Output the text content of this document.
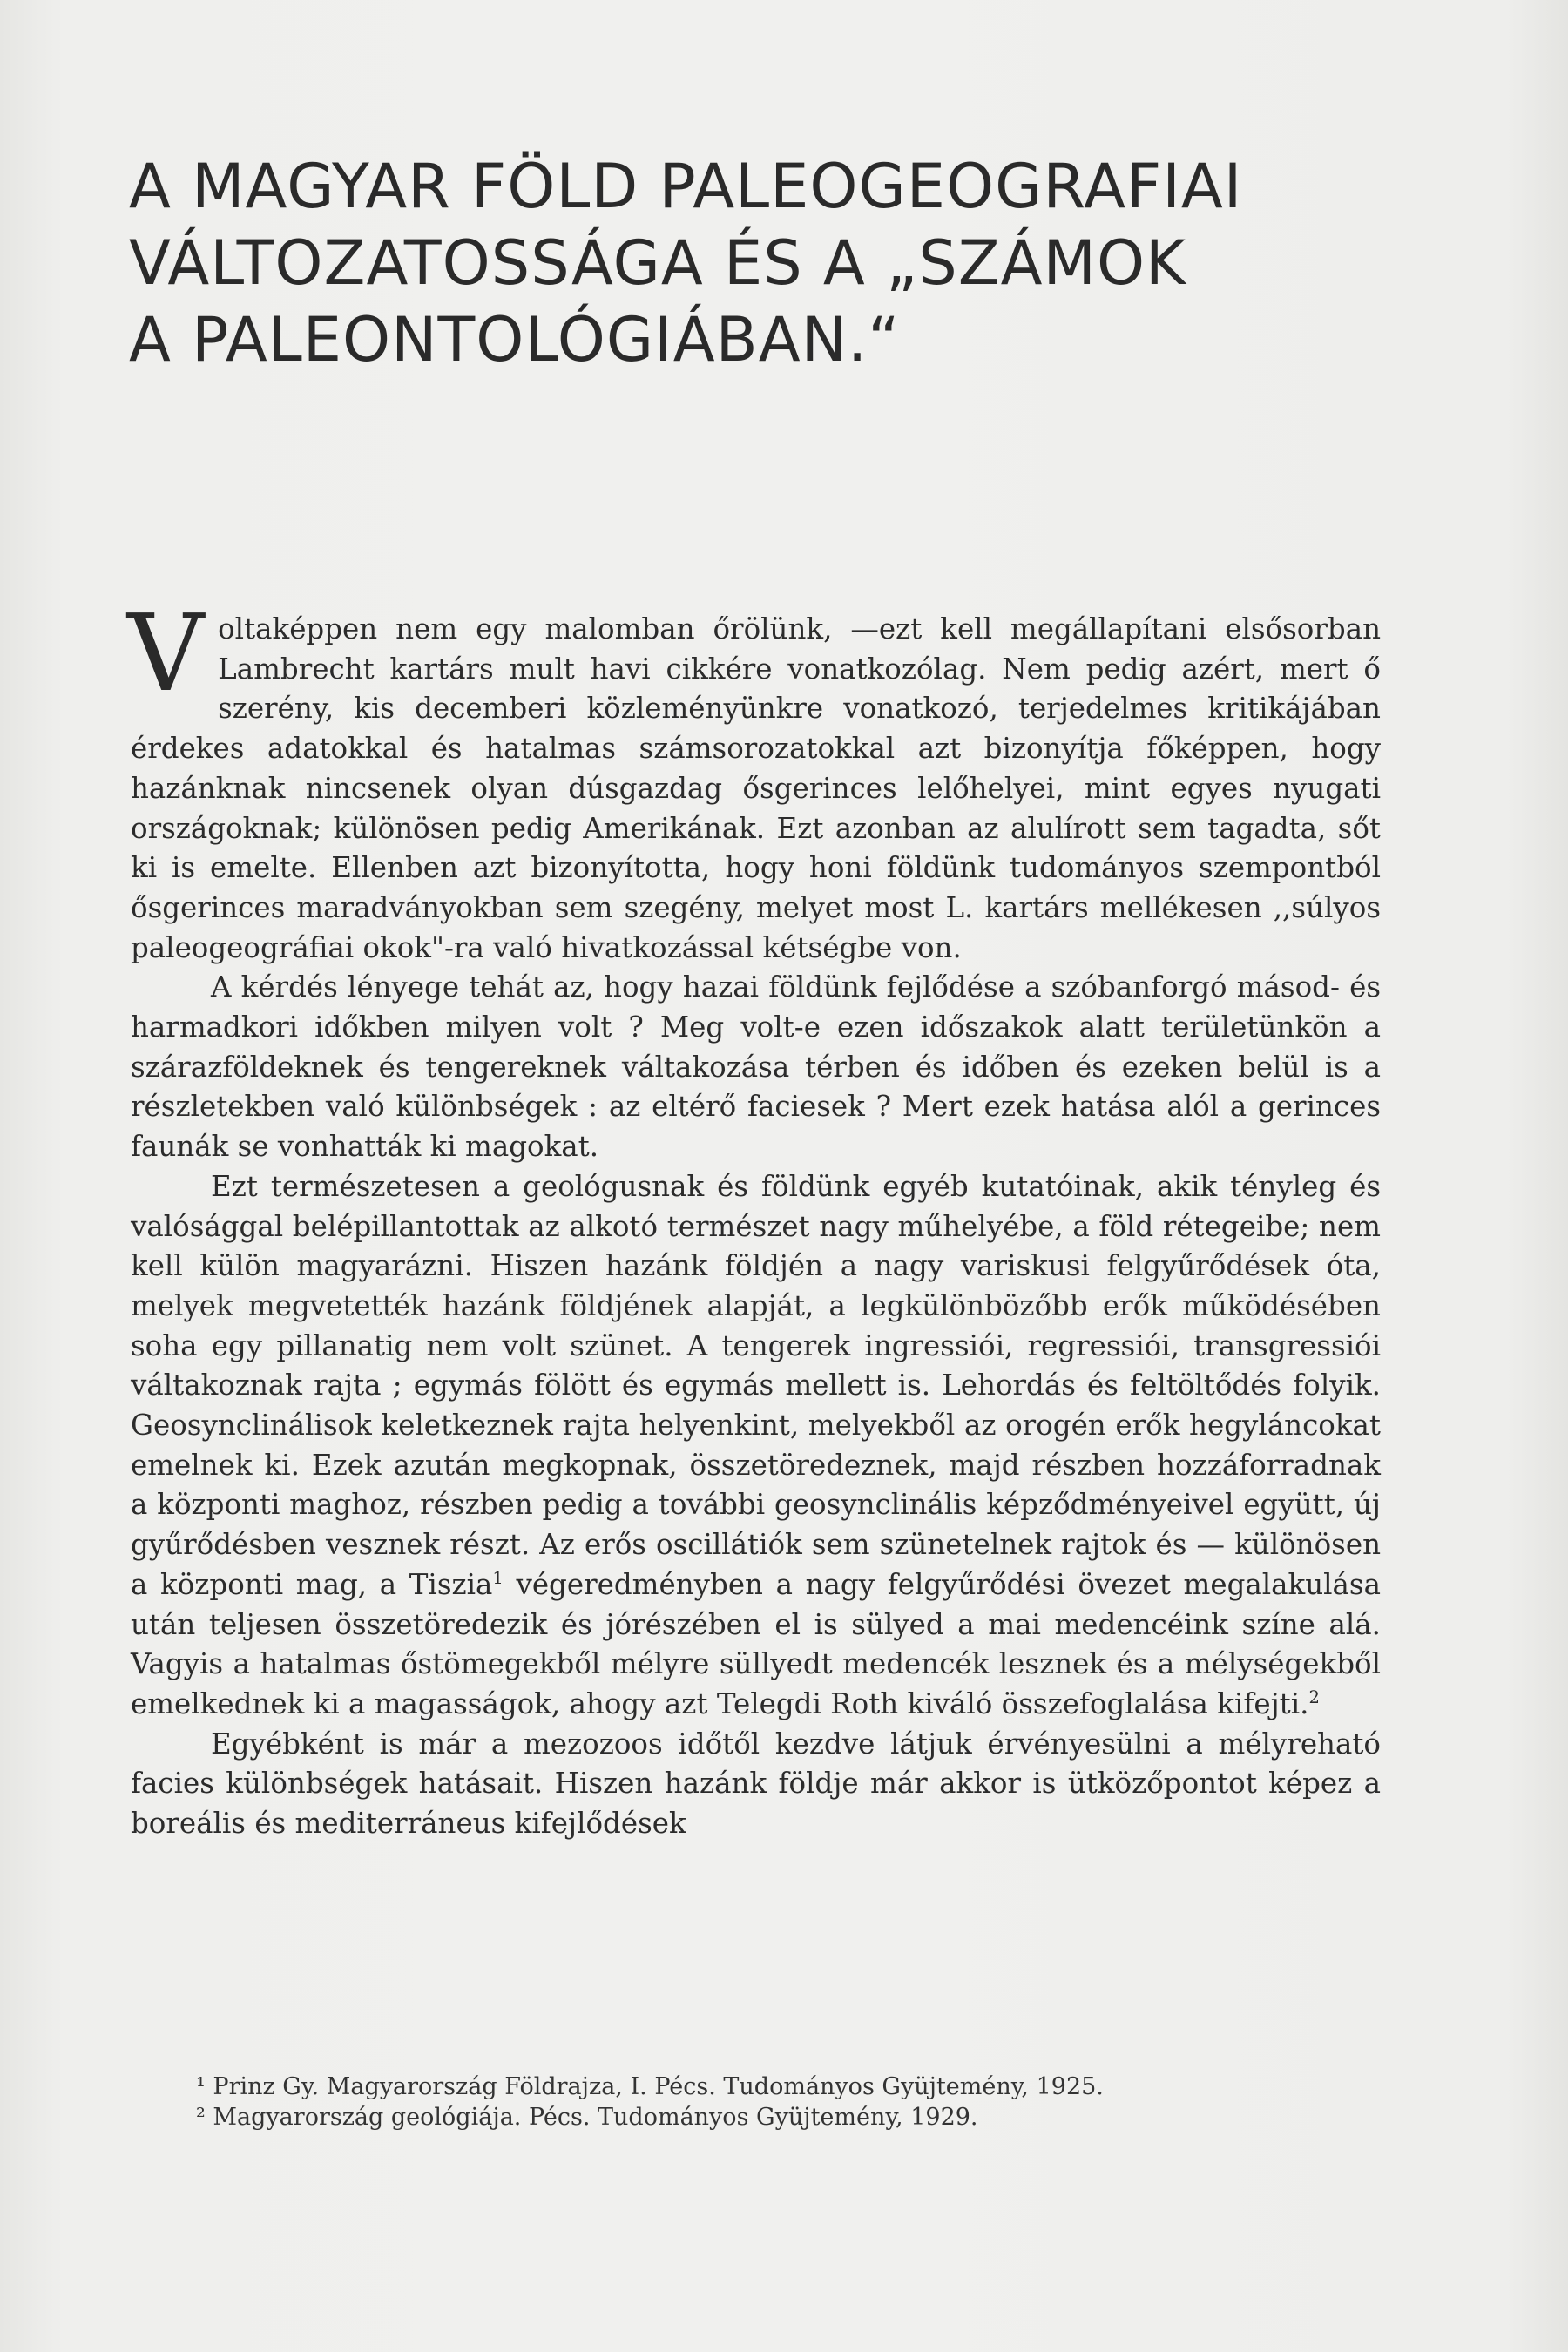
A MAGYAR FÖLD PALEOGEOGRAFIAI
VÁLTOZATOSSÁGA ÉS A „SZÁMOK
A PALEONTOLÓGIÁBAN.“

Voltaképpen nem egy malomban őrölünk, —ezt kell megállapítani elsősorban Lambrecht kartárs mult havi cikkére vonatkozólag. Nem pedig azért, mert ő szerény, kis decemberi közleményünkre vonatkozó, terjedelmes kritikájában érdekes adatokkal és hatalmas számsorozatokkal azt bizonyítja főképpen, hogy hazánknak nincsenek olyan dúsgazdag ősgerinces lelőhelyei, mint egyes nyugati országoknak; különösen pedig Amerikának. Ezt azonban az alulírott sem tagadta, sőt ki is emelte. Ellenben azt bizonyította, hogy honi földünk tudományos szempontból ősgerinces maradványokban sem szegény, melyet most L. kartárs mellékesen ,,súlyos paleogeográfiai okok"-ra való hivatkozással kétségbe von.

A kérdés lényege tehát az, hogy hazai földünk fejlődése a szóbanforgó másod- és harmadkori időkben milyen volt ? Meg volt-e ezen időszakok alatt területünkön a szárazföldeknek és tengereknek váltakozása térben és időben és ezeken belül is a részletekben való különbségek : az eltérő faciesek ? Mert ezek hatása alól a gerinces faunák se vonhatták ki magokat.

Ezt természetesen a geológusnak és földünk egyéb kutatóinak, akik tényleg és valósággal belépillantottak az alkotó természet nagy műhelyébe, a föld rétegeibe; nem kell külön magyarázni. Hiszen hazánk földjén a nagy variskusi felgyűrődések óta, melyek megvetették hazánk földjének alapját, a legkülönbözőbb erők működésében soha egy pillanatig nem volt szünet. A tengerek ingressiói, regressiói, transgressiói váltakoznak rajta ; egymás fölött és egymás mellett is. Lehordás és feltöltődés folyik. Geosynclinálisok keletkeznek rajta helyenkint, melyekből az orogén erők hegyláncokat emelnek ki. Ezek azután megkopnak, összetöredeznek, majd részben hozzáforradnak a központi maghoz, részben pedig a további geosynclinális képződményeivel együtt, új gyűrődésben vesznek részt. Az erős oscillátiók sem szünetelnek rajtok és — különösen a központi mag, a Tiszia$^1$ végeredményben a nagy felgyűrődési övezet megalakulása után teljesen összetöredezik és jórészében el is sülyed a mai medencéink színe alá. Vagyis a hatalmas őstömegekből mélyre süllyedt medencék lesznek és a mélységekből emelkednek ki a magasságok, ahogy azt Telegdi Roth kiváló összefoglalása kifejti.$^2$

Egyébként is már a mezozoos időtől kezdve látjuk érvényesülni a mélyreható facies különbségek hatásait. Hiszen hazánk földje már akkor is ütközőpontot képez a boreális és mediterráneus kifejlődések

¹ Prinz Gy. Magyarország Földrajza, I. Pécs. Tudományos Gyüjtemény, 1925.
² Magyarország geológiája. Pécs. Tudományos Gyüjtemény, 1929.
